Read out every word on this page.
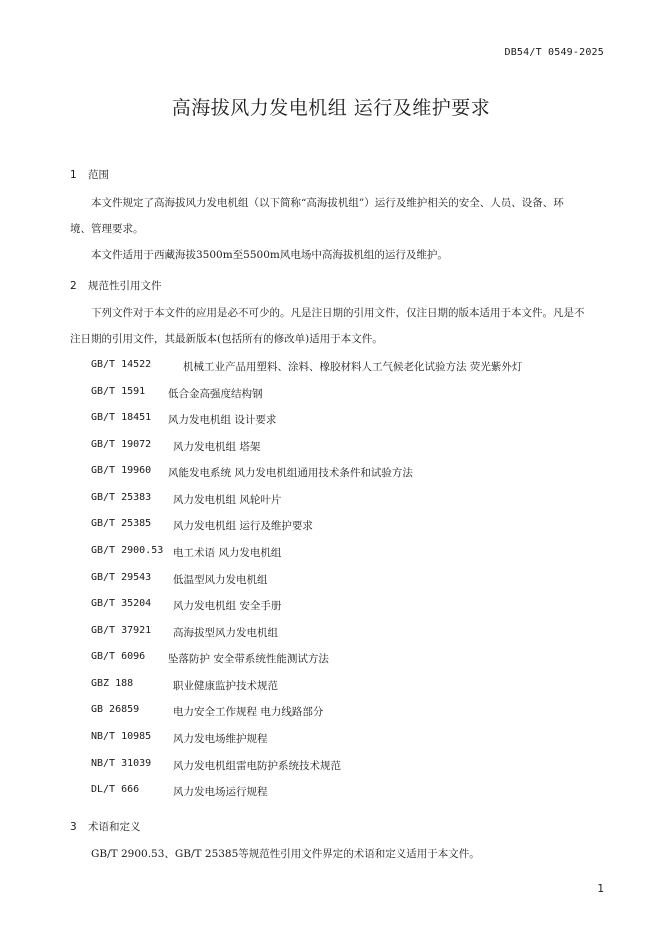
DB54/T 0549-2025
高海拔风力发电机组 运行及维护要求
1 范围
本文件规定了高海拔风力发电机组（以下简称“高海拔机组”）运行及维护相关的安全、人员、设备、环
境、管理要求。
本文件适用于西藏海拔3500m至5500m风电场中高海拔机组的运行及维护。
2 规范性引用文件
下列文件对于本文件的应用是必不可少的。凡是注日期的引用文件，仅注日期的版本适用于本文件。凡是不
注日期的引用文件，其最新版本(包括所有的修改单)适用于本文件。
GB/T 14522	机械工业产品用塑料、涂料、橡胶材料人工气候老化试验方法 荧光紫外灯
GB/T 1591 低合金高强度结构钢
GB/T 18451 风力发电机组 设计要求
GB/T 19072 风力发电机组 塔架
GB/T 19960 风能发电系统 风力发电机组通用技术条件和试验方法
GB/T 25383 风力发电机组 风轮叶片
GB/T 25385 风力发电机组 运行及维护要求
GB/T 2900.53 电工术语 风力发电机组
GB/T 29543 低温型风力发电机组
GB/T 35204 风力发电机组 安全手册
GB/T 37921 高海拔型风力发电机组
GB/T 6096 坠落防护 安全带系统性能测试方法
GBZ 188	职业健康监护技术规范
GB 26859	电力安全工作规程 电力线路部分
NB/T 10985 风力发电场维护规程
NB/T 31039 风力发电机组雷电防护系统技术规范
DL/T 666	风力发电场运行规程
3 术语和定义
GB/T 2900.53、GB/T 25385等规范性引用文件界定的术语和定义适用于本文件。
1
